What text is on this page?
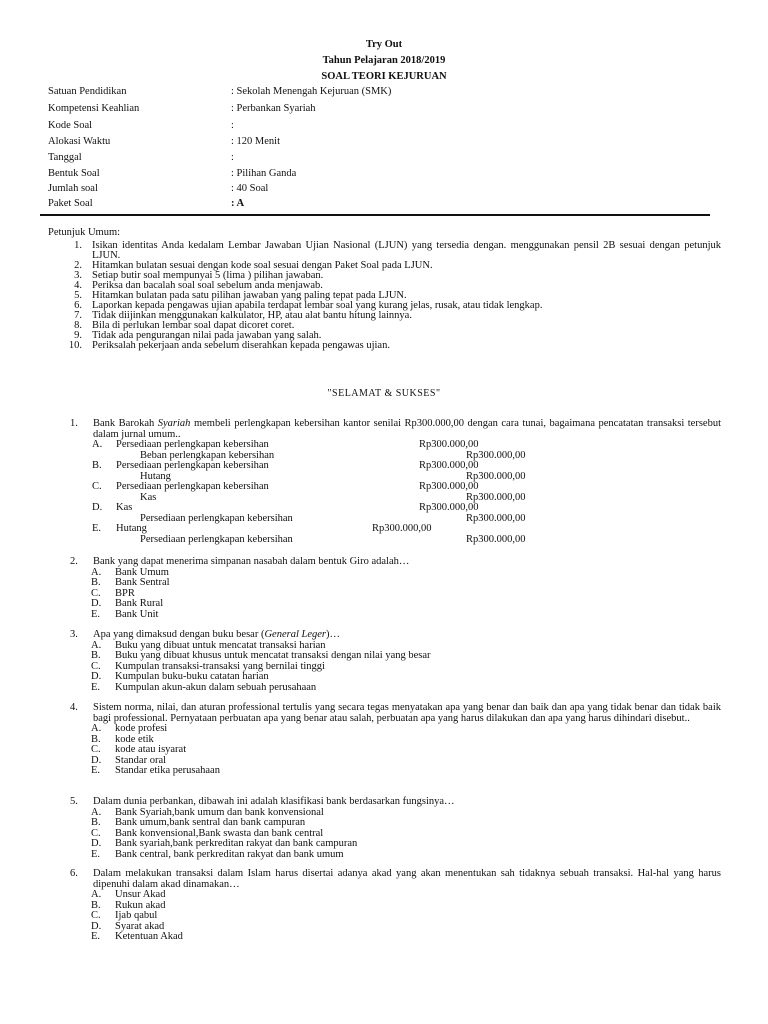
Try Out
Tahun Pelajaran 2018/2019
SOAL TEORI KEJURUAN
Satuan Pendidikan	: Sekolah Menengah Kejuruan (SMK)
Kompetensi Keahlian	: Perbankan Syariah
Kode Soal	:
Alokasi Waktu	: 120 Menit
Tanggal	:
Bentuk Soal	: Pilihan Ganda
Jumlah soal	: 40 Soal
Paket Soal	: A
Petunjuk Umum:
1. Isikan identitas Anda kedalam Lembar Jawaban Ujian Nasional (LJUN) yang tersedia dengan. menggunakan pensil 2B sesuai dengan petunjuk LJUN.
2. Hitamkan bulatan sesuai dengan kode soal sesuai dengan Paket Soal pada LJUN.
3. Setiap butir soal mempunyai 5 (lima ) pilihan jawaban.
4. Periksa dan bacalah soal soal sebelum anda menjawab.
5. Hitamkan bulatan pada satu pilihan jawaban yang paling tepat pada LJUN.
6. Laporkan kepada pengawas ujian apabila terdapat lembar soal yang kurang jelas, rusak, atau tidak lengkap.
7. Tidak diijinkan menggunakan kalkulator, HP, atau alat bantu hitung lainnya.
8. Bila di perlukan lembar soal dapat dicoret coret.
9. Tidak ada pengurangan nilai pada jawaban yang salah.
10. Periksalah pekerjaan anda sebelum diserahkan kepada pengawas ujian.
"SELAMAT & SUKSES"
1. Bank Barokah Syariah membeli perlengkapan kebersihan kantor senilai Rp300.000,00 dengan cara tunai, bagaimana pencatatan transaksi tersebut dalam jurnal umum..
A. Persediaan perlengkapan kebersihan	Rp300.000,00
Beban perlengkapan kebersihan	Rp300.000,00
B. Persediaan perlengkapan kebersihan	Rp300.000,00
Hutang	Rp300.000,00
C. Persediaan perlengkapan kebersihan	Rp300.000,00
Kas	Rp300.000,00
D. Kas	Rp300.000,00
Persediaan perlengkapan kebersihan	Rp300.000,00
E. Hutang	Rp300.000,00
Persediaan perlengkapan kebersihan	Rp300.000,00
2. Bank yang dapat menerima simpanan nasabah dalam bentuk Giro adalah…
A. Bank Umum
B. Bank Sentral
C. BPR
D. Bank Rural
E. Bank Unit
3. Apa yang dimaksud dengan buku besar (General Leger)…
A. Buku yang dibuat untuk mencatat transaksi harian
B. Buku yang dibuat khusus untuk mencatat transaksi dengan nilai yang besar
C. Kumpulan transaksi-transaksi yang bernilai tinggi
D. Kumpulan buku-buku catatan harian
E. Kumpulan akun-akun dalam sebuah perusahaan
4. Sistem norma, nilai, dan aturan professional tertulis yang secara tegas menyatakan apa yang benar dan baik dan apa yang tidak benar dan tidak baik bagi professional. Pernyataan perbuatan apa yang benar atau salah, perbuatan apa yang harus dilakukan dan apa yang harus dihindari disebut..
A. kode profesi
B. kode etik
C. kode atau isyarat
D. Standar oral
E. Standar etika perusahaan
5. Dalam dunia perbankan, dibawah ini adalah klasifikasi bank berdasarkan fungsinya…
A. Bank Syariah,bank umum dan bank konvensional
B. Bank umum,bank sentral dan bank campuran
C. Bank konvensional,Bank swasta dan bank central
D. Bank syariah,bank perkreditan rakyat dan bank campuran
E. Bank central, bank perkreditan rakyat dan bank umum
6. Dalam melakukan transaksi dalam Islam harus disertai adanya akad yang akan menentukan sah tidaknya sebuah transaksi. Hal-hal yang harus dipenuhi dalam akad dinamakan…
A. Unsur Akad
B. Rukun akad
C. Ijab qabul
D. Syarat akad
E. Ketentuan Akad
